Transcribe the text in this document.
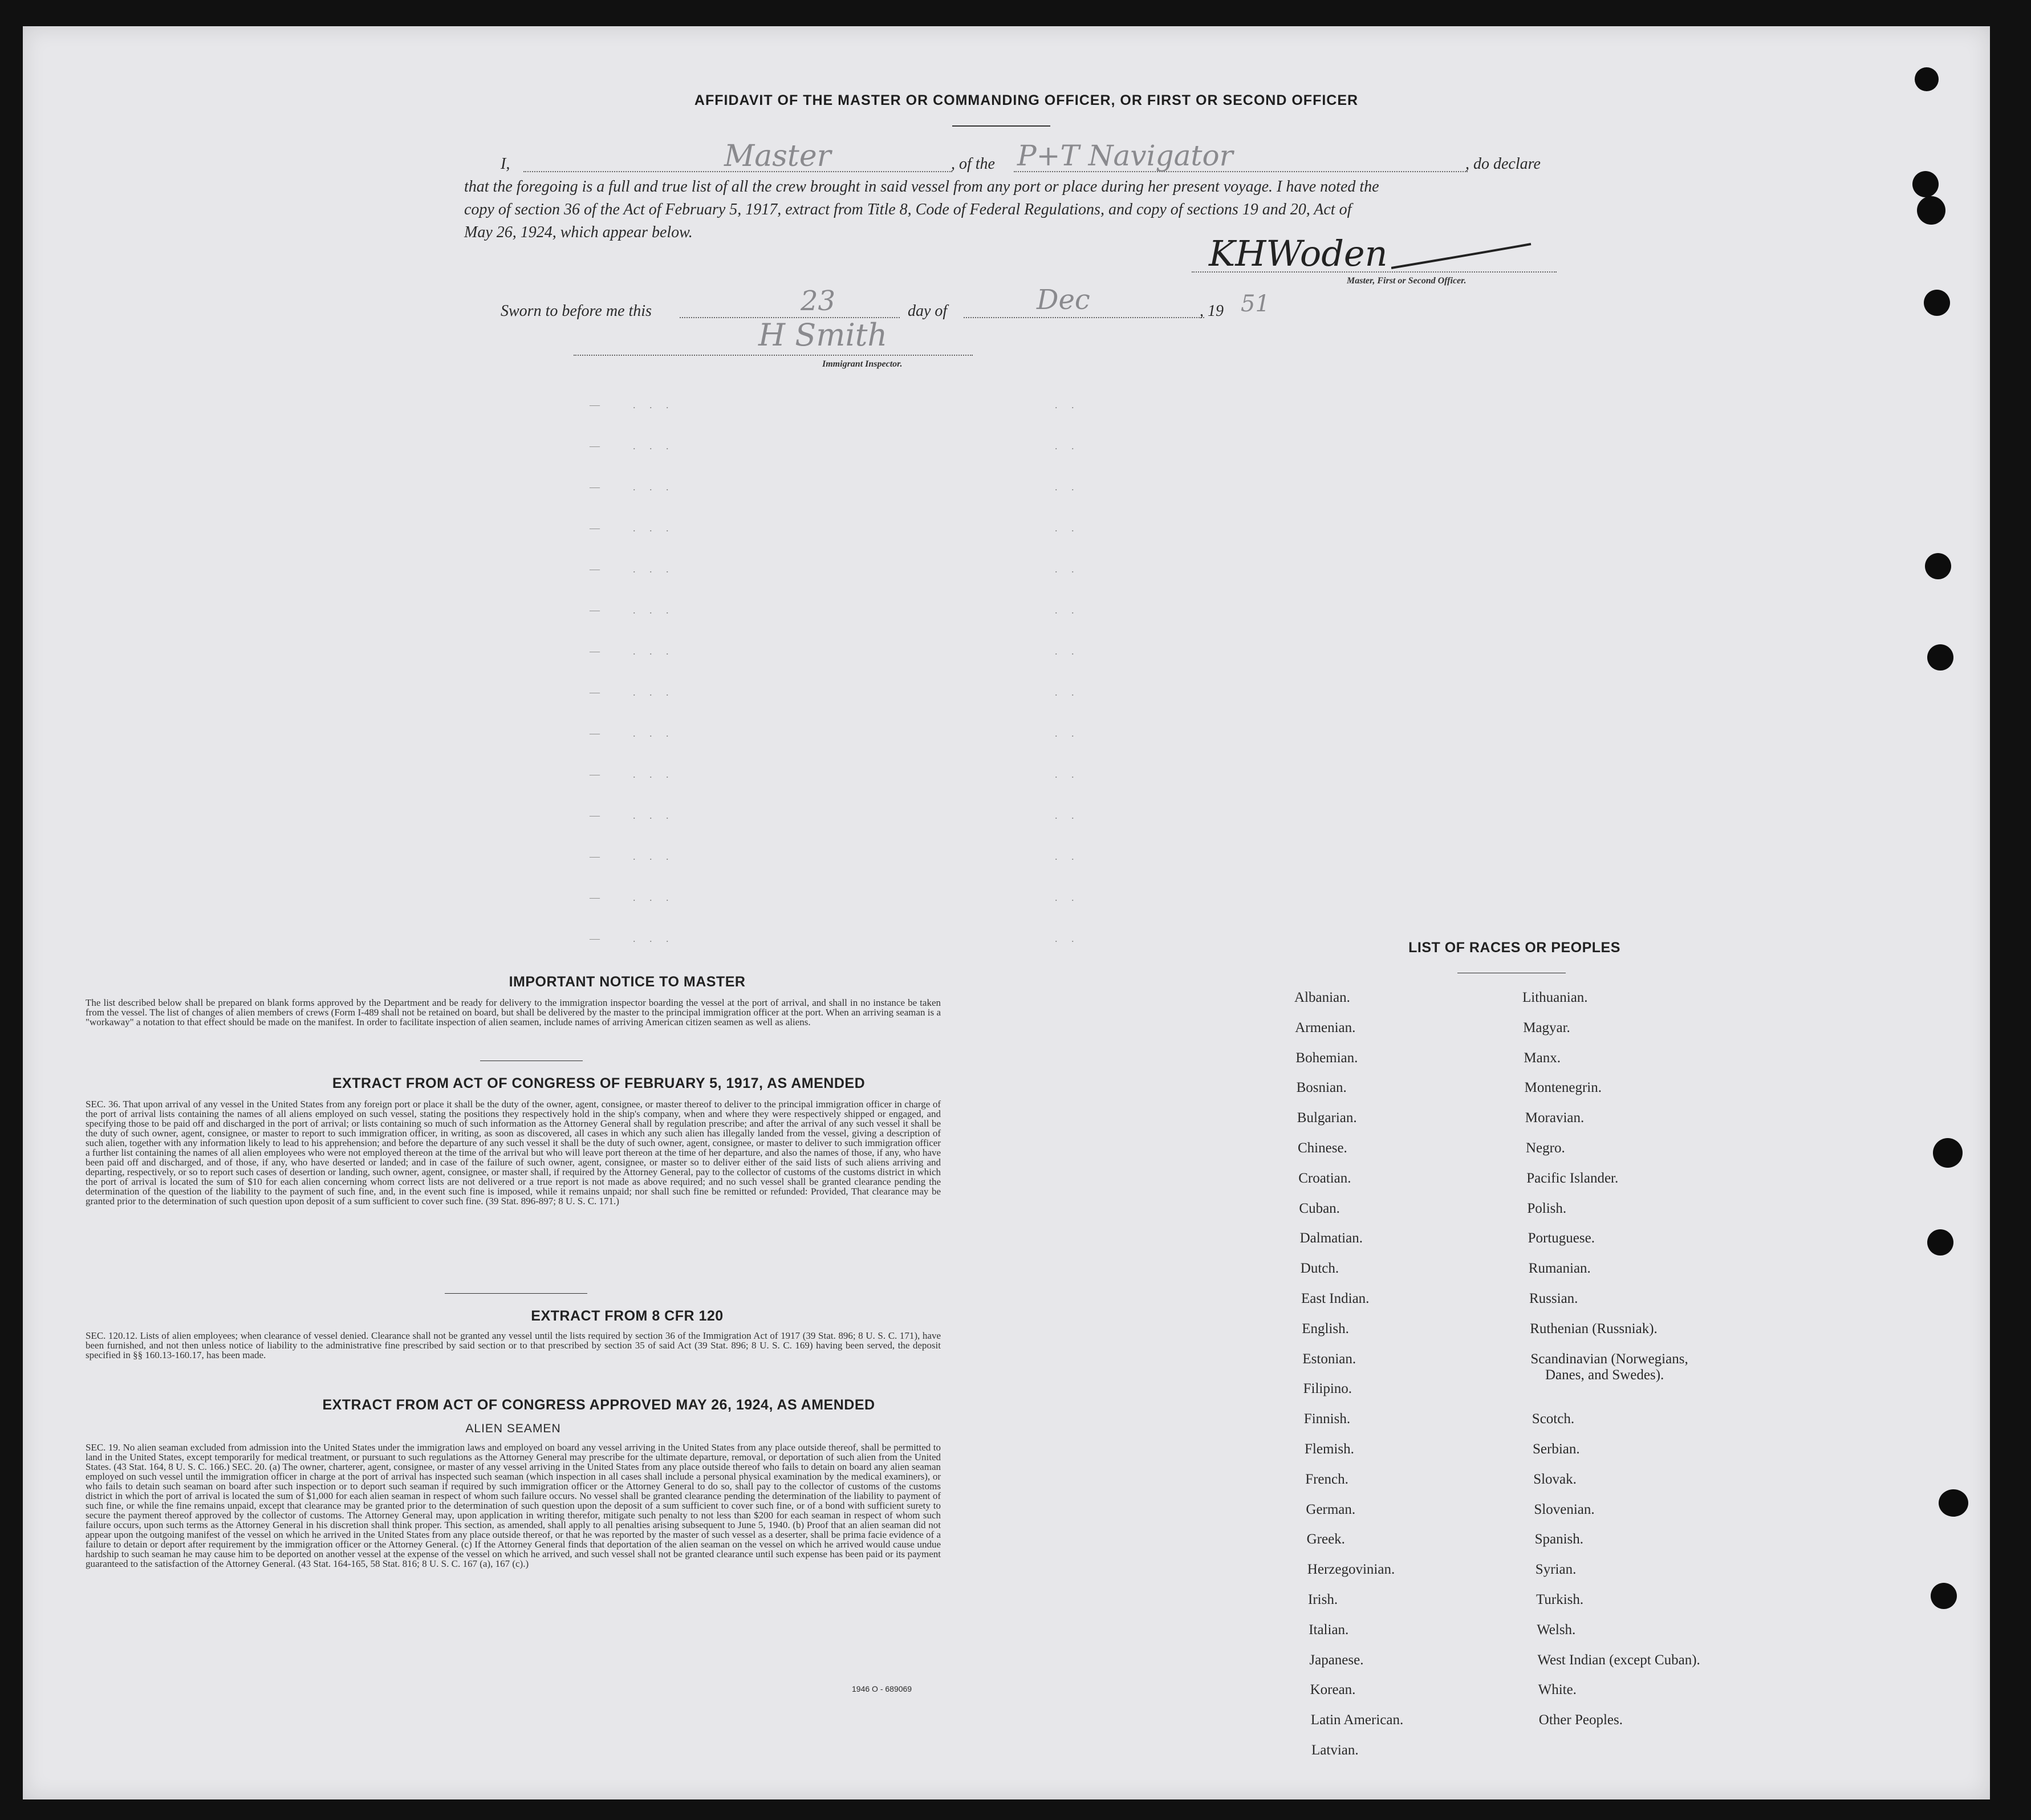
AFFIDAVIT OF THE MASTER OR COMMANDING OFFICER, OR FIRST OR SECOND OFFICER
I,	Master	, of the P+T Navigator	, do declare
that the foregoing is a full and true list of all the crew brought in said vessel from any port or place during her present voyage. I have noted the
copy of section 36 of the Act of February 5, 1917, extract from Title 8, Code of Federal Regulations, and copy of sections 19 and 20, Act of
May 26, 1924, which appear below.
KHWoden
Master, First or Second Officer.
Sworn to before me this	23	day of	Dec	, 19 51
H Smith
Immigrant Inspector.
—	. . .	. .
—	. . .	. .
—	. . .	. .
—	. . .	. .
—	. . .	. .
—	. . .	. .
—	. . .	. .
—	. . .	. .
—	. . .	. .
—	. . .	. .
—	. . .	. .
—	. . .	. .
—	. . .	. .
—	. . .	. .
IMPORTANT NOTICE TO MASTER
The list described below shall be prepared on blank forms approved by the Department and be ready for delivery to the immigration inspector boarding the vessel at the port of arrival, and shall in no instance be taken from the vessel. The list of changes of alien members of crews (Form I-489 shall not be retained on board, but shall be delivered by the master to the principal immigration officer at the port. When an arriving seaman is a "workaway" a notation to that effect should be made on the manifest. In order to facilitate inspection of alien seamen, include names of arriving American citizen seamen as well as aliens.
EXTRACT FROM ACT OF CONGRESS OF FEBRUARY 5, 1917, AS AMENDED
SEC. 36. That upon arrival of any vessel in the United States from any foreign port or place it shall be the duty of the owner, agent, consignee, or master thereof to deliver to the principal immigration officer in charge of the port of arrival lists containing the names of all aliens employed on such vessel, stating the positions they respectively hold in the ship's company, when and where they were respectively shipped or engaged, and specifying those to be paid off and discharged in the port of arrival; or lists containing so much of such information as the Attorney General shall by regulation prescribe; and after the arrival of any such vessel it shall be the duty of such owner, agent, consignee, or master to report to such immigration officer, in writing, as soon as discovered, all cases in which any such alien has illegally landed from the vessel, giving a description of such alien, together with any information likely to lead to his apprehension; and before the departure of any such vessel it shall be the duty of such owner, agent, consignee, or master to deliver to such immigration officer a further list containing the names of all alien employees who were not employed thereon at the time of the arrival but who will leave port thereon at the time of her departure, and also the names of those, if any, who have been paid off and discharged, and of those, if any, who have deserted or landed; and in case of the failure of such owner, agent, consignee, or master so to deliver either of the said lists of such aliens arriving and departing, respectively, or so to report such cases of desertion or landing, such owner, agent, consignee, or master shall, if required by the Attorney General, pay to the collector of customs of the customs district in which the port of arrival is located the sum of $10 for each alien concerning whom correct lists are not delivered or a true report is not made as above required; and no such vessel shall be granted clearance pending the determination of the question of the liability to the payment of such fine, and, in the event such fine is imposed, while it remains unpaid; nor shall such fine be remitted or refunded: Provided, That clearance may be granted prior to the determination of such question upon deposit of a sum sufficient to cover such fine. (39 Stat. 896-897; 8 U. S. C. 171.)
EXTRACT FROM 8 CFR 120
SEC. 120.12. Lists of alien employees; when clearance of vessel denied. Clearance shall not be granted any vessel until the lists required by section 36 of the Immigration Act of 1917 (39 Stat. 896; 8 U. S. C. 171), have been furnished, and not then unless notice of liability to the administrative fine prescribed by said section or to that prescribed by section 35 of said Act (39 Stat. 896; 8 U. S. C. 169) having been served, the deposit specified in §§ 160.13-160.17, has been made.
EXTRACT FROM ACT OF CONGRESS APPROVED MAY 26, 1924, AS AMENDED
ALIEN SEAMEN
SEC. 19. No alien seaman excluded from admission into the United States under the immigration laws and employed on board any vessel arriving in the United States from any place outside thereof, shall be permitted to land in the United States, except temporarily for medical treatment, or pursuant to such regulations as the Attorney General may prescribe for the ultimate departure, removal, or deportation of such alien from the United States. (43 Stat. 164, 8 U. S. C. 166.) SEC. 20. (a) The owner, charterer, agent, consignee, or master of any vessel arriving in the United States from any place outside thereof who fails to detain on board any alien seaman employed on such vessel until the immigration officer in charge at the port of arrival has inspected such seaman (which inspection in all cases shall include a personal physical examination by the medical examiners), or who fails to detain such seaman on board after such inspection or to deport such seaman if required by such immigration officer or the Attorney General to do so, shall pay to the collector of customs of the customs district in which the port of arrival is located the sum of $1,000 for each alien seaman in respect of whom such failure occurs. No vessel shall be granted clearance pending the determination of the liability to payment of such fine, or while the fine remains unpaid, except that clearance may be granted prior to the determination of such question upon the deposit of a sum sufficient to cover such fine, or of a bond with sufficient surety to secure the payment thereof approved by the collector of customs. The Attorney General may, upon application in writing therefor, mitigate such penalty to not less than $200 for each seaman in respect of whom such failure occurs, upon such terms as the Attorney General in his discretion shall think proper. This section, as amended, shall apply to all penalties arising subsequent to June 5, 1940. (b) Proof that an alien seaman did not appear upon the outgoing manifest of the vessel on which he arrived in the United States from any place outside thereof, or that he was reported by the master of such vessel as a deserter, shall be prima facie evidence of a failure to detain or deport after requirement by the immigration officer or the Attorney General. (c) If the Attorney General finds that deportation of the alien seaman on the vessel on which he arrived would cause undue hardship to such seaman he may cause him to be deported on another vessel at the expense of the vessel on which he arrived, and such vessel shall not be granted clearance until such expense has been paid or its payment guaranteed to the satisfaction of the Attorney General. (43 Stat. 164-165, 58 Stat. 816; 8 U. S. C. 167 (a), 167 (c).)
1946 O - 689069
LIST OF RACES OR PEOPLES
Albanian.
Armenian.
Bohemian.
Bosnian.
Bulgarian.
Chinese.
Croatian.
Cuban.
Dalmatian.
Dutch.
East Indian.
English.
Estonian.
Filipino.
Finnish.
Flemish.
French.
German.
Greek.
Herzegovinian.
Irish.
Italian.
Japanese.
Korean.
Latin American.
Latvian.
Lithuanian.
Magyar.
Manx.
Montenegrin.
Moravian.
Negro.
Pacific Islander.
Polish.
Portuguese.
Rumanian.
Russian.
Ruthenian (Russniak).
Scandinavian (Norwegians,
Scotch.
Serbian.
Slovak.
Slovenian.
Spanish.
Syrian.
Turkish.
Welsh.
West Indian (except Cuban).
White.
Other Peoples.
Danes, and Swedes).
